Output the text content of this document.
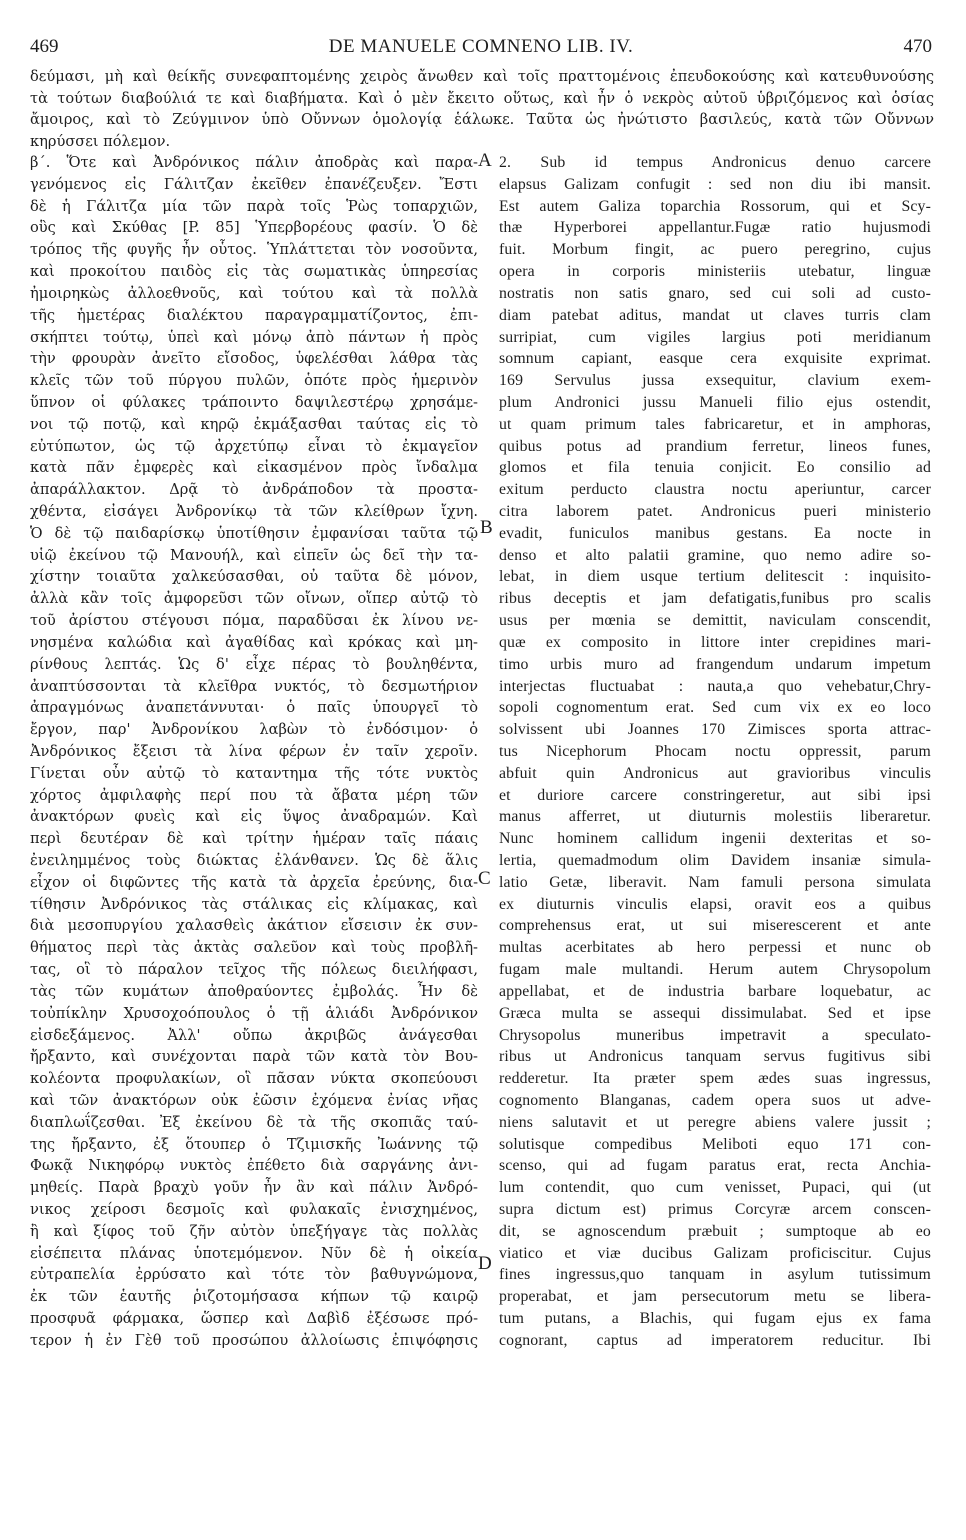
469	DE MANUELE COMNENO LIB. IV.	470
δεύμασι, μὴ καὶ θείκῆς συνεφαπτομένης χειρὸς ἄνωθεν καὶ τοῖς πραττομένοις ἐπευδοκούσης καὶ κατευθυνούσης
τὰ τούτων διαβούλιά τε καὶ διαβήματα. Καὶ ὁ μὲν ἔκειτο οὕτως, καὶ ἦν ὁ νεκρὸς αὐτοῦ ὑβριζόμενος καὶ ὁσίας
ἄμοιρος, καὶ τὸ Ζεύγμινον ὑπὸ Οὔννων ὁμολογίᾳ ἑάλωκε. Ταῦτα ὡς ἠνώτιστο βασιλεύς, κατὰ τῶν Οὔννων
κηρύσσει πόλεμον.
β΄. Ὅτε καὶ Ἀνδρόνικος πάλιν ἀποδρὰς καὶ παρα-
γενόμενος εἰς Γάλιτζαν ἐκεῖθεν ἐπανέζευξεν. Ἔστι
δὲ ἡ Γάλιτζα μία τῶν παρὰ τοῖς Ῥὼς τοπαρχιῶν,
οὓς καὶ Σκύθας [P. 85] Ὑπερβορέους φασίν. Ὁ δὲ
τρόπος τῆς φυγῆς ἦν οὗτος. Ὑπλάττεται τὸν νοσοῦντα,
καὶ προκοίτου παιδὸς εἰς τὰς σωματικὰς ὑπηρεσίας
ἠμοιρηκὼς ἀλλοεθνοῦς, καὶ τούτου καὶ τὰ πολλὰ
τῆς ἡμετέρας διαλέκτου παραγραμματίζοντος, ἐπι-
σκήπτει τούτῳ, ὑπεὶ καὶ μόνῳ ἀπὸ πάντων ἡ πρὸς
τὴν φρουρὰν ἀνεῖτο εἴσοδος, ὑφελέσθαι λάθρα τὰς
κλεῖς τῶν τοῦ πύργου πυλῶν, ὁπότε πρὸς ἡμερινὸν
ὕπνον οἱ φύλακες τράποιντο δαψιλεστέρῳ χρησάμε-
νοι τῷ ποτῷ, καὶ κηρῷ ἐκμάξασθαι ταύτας εἰς τὸ
εὐτύπωτον, ὡς τῷ ἀρχετύπῳ εἶναι τὸ ἐκμαγεῖον
κατὰ πᾶν ἐμφερὲς καὶ εἰκασμένον πρὸς ἴνδαλμα
ἀπαράλλακτον. Δρᾷ τὸ ἀνδράποδον τὰ προστα-
χθέντα, εἰσάγει Ἀνδρονίκῳ τὰ τῶν κλείθρων ἴχνη.
Ὁ δὲ τῷ παιδαρίσκῳ ὑποτίθησιν ἐμφανίσαι ταῦτα τῷ
υἱῷ ἐκείνου τῷ Μανουήλ, καὶ εἰπεῖν ὡς δεῖ τὴν τα-
χίστην τοιαῦτα χαλκεύσασθαι, οὐ ταῦτα δὲ μόνον,
ἀλλὰ κἂν τοῖς ἀμφορεῦσι τῶν οἴνων, οἵπερ αὐτῷ τὸ
τοῦ ἀρίστου στέγουσι πόμα, παραδῦσαι ἐκ λίνου νε-
νησμένα καλώδια καὶ ἀγαθίδας καὶ κρόκας καὶ μη-
ρίνθους λεπτάς. Ὡς δ' εἶχε πέρας τὸ βουληθέντα,
ἀναπτύσσονται τὰ κλεῖθρα νυκτός, τὸ δεσμωτήριον
ἀπραγμόνως ἀναπετάννυται· ὁ παῖς ὑπουργεῖ τὸ
ἔργον, παρ' Ἀνδρονίκου λαβὼν τὸ ἐνδόσιμον· ὁ
Ἀνδρόνικος ἔξεισι τὰ λίνα φέρων ἐν ταῖν χεροῖν.
Γίνεται οὖν αὐτῷ τὸ καταντημα τῆς τότε νυκτὸς
χόρτος ἀμφιλαφὴς περί που τὰ ἄβατα μέρη τῶν
ἀνακτόρων φυεὶς καὶ εἰς ὕψος ἀναδραμών. Καὶ
περὶ δευτέραν δὲ καὶ τρίτην ἡμέραν ταῖς πάαις
ἐνειλημμένος τοὺς διώκτας ἐλάνθανεν. Ὡς δὲ ἅλις
εἶχον οἱ διφῶντες τῆς κατὰ τὰ ἀρχεῖα ἐρεύνης, δια-
τίθησιν Ἀνδρόνικος τὰς στάλικας εἰς κλίμακας, καὶ
διὰ μεσοπυργίου χαλασθεὶς ἀκάτιον εἴσεισιν ἐκ συν-
θήματος περὶ τὰς ἀκτὰς σαλεῦον καὶ τοὺς προβλῆ-
τας, οἳ τὸ πάραλον τεῖχος τῆς πόλεως διειλήφασι,
τὰς τῶν κυμάτων ἀποθραύοντες ἐμβολάς. Ἦν δὲ
τοὐπίκλην Χρυσοχοόπουλος ὁ τῇ ἁλιάδι Ἀνδρόνικον
εἰσδεξάμενος. Ἀλλ' οὔπω ἀκριβῶς ἀνάγεσθαι
ἤρξαντο, καὶ συνέχονται παρὰ τῶν κατὰ τὸν Βου-
κολέοντα προφυλακίων, οἳ πᾶσαν νύκτα σκοπεύουσι
καὶ τῶν ἀνακτόρων οὐκ ἐῶσιν ἐχόμενα ἐνίας νῆας
διαπλωΐζεσθαι. Ἐξ ἐκείνου δὲ τὰ τῆς σκοπιᾶς ταύ-
της ἤρξαντο, ἐξ ὅτουπερ ὁ Τζιμισκῆς Ἰωάννης τῷ
Φωκᾷ Νικηφόρῳ νυκτὸς ἐπέθετο διὰ σαργάνης ἀνι-
μηθείς. Παρὰ βραχὺ γοῦν ἦν ἂν καὶ πάλιν Ἀνδρό-
νικος χείροσι δεσμοῖς καὶ φυλακαῖς ἐνισχημένος,
ἢ καὶ ξίφος τοῦ ζῆν αὐτὸν ὑπεξήγαγε τὰς πολλὰς
εἰσέπειτα πλάνας ὑποτεμόμενον. Νῦν δὲ ἡ οἰκεία
εὐτραπελία ἐρρύσατο καὶ τότε τὸν βαθυγνώμονα,
ἐκ τῶν ἑαυτῆς ῥιζοτομήσασα κήπων τῷ καιρῷ
προσφυᾶ φάρμακα, ὥσπερ καὶ Δαβὶδ ἐξέσωσε πρό-
τερον ἡ ἐν Γὲθ τοῦ προσώπου ἀλλοίωσις ἐπιψόφησις
A
B
C
D
2. Sub id tempus Andronicus denuo carcere
elapsus Galizam confugit : sed non diu ibi mansit.
Est autem Galiza toparchia Rossorum, qui et Scy-
thæ Hyperborei appellantur.Fugæ ratio hujusmodi
fuit. Morbum fingit, ac puero peregrino, cujus
opera in corporis ministeriis utebatur, linguæ
nostratis non satis gnaro, sed cui soli ad custo-
diam patebat aditus, mandat ut claves turris clam
surripiat, cum vigiles largius poti meridianum
somnum capiant, easque cera exquisite exprimat.
169 Servulus jussa exsequitur, clavium exem-
plum Andronici jussu Manueli filio ejus ostendit,
ut quam primum tales fabricaretur, et in amphoras,
quibus potus ad prandium ferretur, lineos funes,
glomos et fila tenuia conjicit. Eo consilio ad
exitum perducto claustra noctu aperiuntur, carcer
citra laborem patet. Andronicus pueri ministerio
evadit, funiculos manibus gestans. Ea nocte in
denso et alto palatii gramine, quo nemo adire so-
lebat, in diem usque tertium delitescit : inquisito-
ribus deceptis et jam defatigatis,funibus pro scalis
usus per mœnia se demittit, naviculam conscendit,
quæ ex composito in littore inter crepidines mari-
timo urbis muro ad frangendum undarum impetum
interjectas fluctuabat : nauta,a quo vehebatur,Chry-
sopoli cognomentum erat. Sed cum vix ex eo loco
solvissent ubi Joannes 170 Zimisces sporta attrac-
tus Nicephorum Phocam noctu oppressit, parum
abfuit quin Andronicus aut gravioribus vinculis
et duriore carcere constringeretur, aut sibi ipsi
manus afferret, ut diuturnis molestiis liberaretur.
Nunc hominem callidum ingenii dexteritas et so-
lertia, quemadmodum olim Davidem insaniæ simula-
latio Getæ, liberavit. Nam famuli persona simulata
ex diuturnis vinculis elapsi, oravit eos a quibus
comprehensus erat, ut sui miserescerent et ante
multas acerbitates ab hero perpessi et nunc ob
fugam male multandi. Herum autem Chrysopolum
appellabat, et de industria barbare loquebatur, ac
Græca multa se assequi dissimulabat. Sed et ipse
Chrysopolus muneribus impetravit a speculato-
ribus ut Andronicus tanquam servus fugitivus sibi
redderetur. Ita præter spem ædes suas ingressus,
cognomento Blanganas, cadem opera suos ut adve-
niens salutavit et ut peregre abiens valere jussit ;
solutisque compedibus Meliboti equo 171 con-
scenso, qui ad fugam paratus erat, recta Anchia-
lum contendit, quo cum venisset, Pupaci, qui (ut
supra dictum est) primus Corcyræ arcem conscen-
dit, se agnoscendum præbuit ; sumptoque ab eo
viatico et viæ ducibus Galizam proficiscitur. Cujus
fines ingressus,quo tanquam in asylum tutissimum
properabat, et jam persecutorum metu se libera-
tum putans, a Blachis, qui fugam ejus ex fama
cognorant, captus ad imperatorem reducitur. Ibi
